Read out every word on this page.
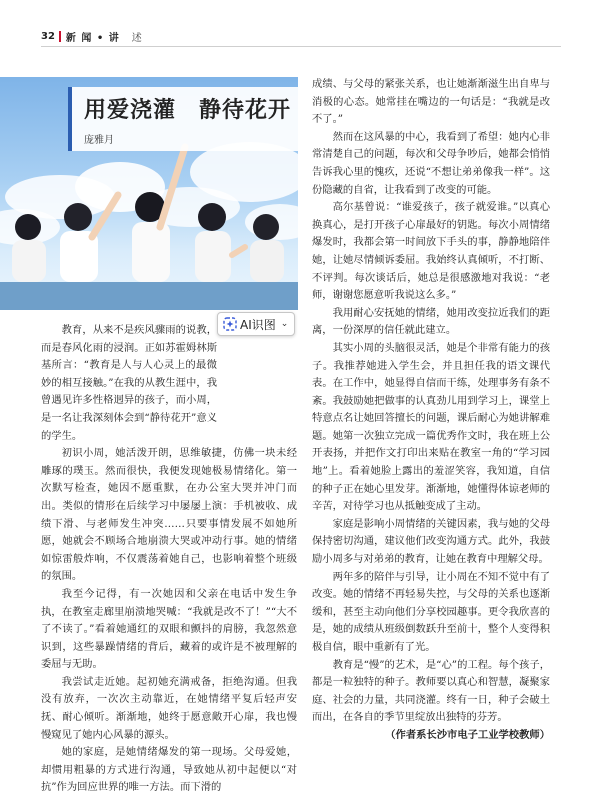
32 新 闻 • 讲 述
用爱浇灌　静待花开
庞雅月
AI识图 ⌄

教育，从来不是疾风骤雨的说教，而是春风化雨的浸润。正如苏霍姆林斯基所言：“教育是人与人心灵上的最微妙的相互接触。”在我的从教生涯中，我曾遇见许多性格迥异的孩子，而小周，是一名让我深刻体会到“静待花开”意义的学生。

初识小周，她活泼开朗，思维敏捷，仿佛一块未经雕琢的璞玉。然而很快，我便发现她极易情绪化。第一次默写检查，她因不愿重默，在办公室大哭并冲门而出。类似的情形在后续学习中屡屡上演：手机被收、成绩下滑、与老师发生冲突……只要事情发展不如她所愿，她就会不顾场合地崩溃大哭或冲动行事。她的情绪如惊雷般炸响，不仅震荡着她自己，也影响着整个班级的氛围。

我至今记得，有一次她因和父亲在电话中发生争执，在教室走廊里崩溃地哭喊：“我就是改不了！”“大不了不读了。”看着她通红的双眼和颤抖的肩膀，我忽然意识到，这些暴躁情绪的背后，藏着的或许是不被理解的委屈与无助。

我尝试走近她。起初她充满戒备，拒绝沟通。但我没有放弃，一次次主动靠近，在她情绪平复后轻声安抚、耐心倾听。渐渐地，她终于愿意敞开心扉，我也慢慢窥见了她内心风暴的源头。

她的家庭，是她情绪爆发的第一现场。父母爱她，却惯用粗暴的方式进行沟通，导致她从初中起便以“对抗”作为回应世界的唯一方法。而下滑的

成绩、与父母的紧张关系，也让她渐渐滋生出自卑与消极的心态。她常挂在嘴边的一句话是：“我就是改不了。”

然而在这风暴的中心，我看到了希望：她内心非常清楚自己的问题，每次和父母争吵后，她都会悄悄告诉我心里的愧疚，还说“不想让弟弟像我一样”。这份隐藏的自省，让我看到了改变的可能。

高尔基曾说：“谁爱孩子，孩子就爱谁。”以真心换真心，是打开孩子心扉最好的钥匙。每次小周情绪爆发时，我都会第一时间放下手头的事，静静地陪伴她，让她尽情倾诉委屈。我始终认真倾听，不打断、不评判。每次谈话后，她总是很感激地对我说：“老师，谢谢您愿意听我说这么多。”

我用耐心安抚她的情绪，她用改变拉近我们的距离，一份深厚的信任就此建立。

其实小周的头脑很灵活，她是个非常有能力的孩子。我推荐她进入学生会，并且担任我的语文课代表。在工作中，她显得自信而干练，处理事务有条不紊。我鼓励她把做事的认真劲儿用到学习上，课堂上特意点名让她回答擅长的问题，课后耐心为她讲解难题。她第一次独立完成一篇优秀作文时，我在班上公开表扬，并把作文打印出来贴在教室一角的“学习园地”上。看着她脸上露出的羞涩笑容，我知道，自信的种子正在她心里发芽。渐渐地，她懂得体谅老师的辛苦，对待学习也从抵触变成了主动。

家庭是影响小周情绪的关键因素，我与她的父母保持密切沟通，建议他们改变沟通方式。此外，我鼓励小周多与对弟弟的教育，让她在教育中理解父母。

两年多的陪伴与引导，让小周在不知不觉中有了改变。她的情绪不再轻易失控，与父母的关系也逐渐缓和，甚至主动向他们分享校园趣事。更令我欣喜的是，她的成绩从班级倒数跃升至前十，整个人变得积极自信，眼中重新有了光。

教育是“慢”的艺术，是“心”的工程。每个孩子，都是一粒独特的种子。教师要以真心和智慧，凝聚家庭、社会的力量，共同浇灌。终有一日，种子会破土而出，在各自的季节里绽放出独特的芬芳。

（作者系长沙市电子工业学校教师）
